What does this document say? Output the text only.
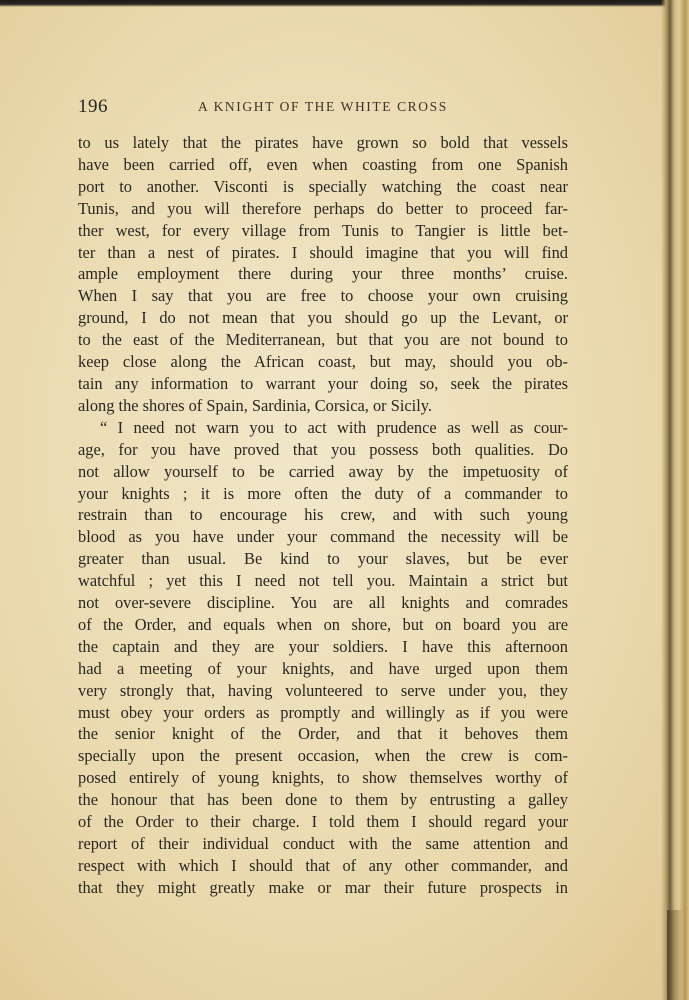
196	A KNIGHT OF THE WHITE CROSS
to us lately that the pirates have grown so bold that vessels
have been carried off, even when coasting from one Spanish
port to another. Visconti is specially watching the coast near
Tunis, and you will therefore perhaps do better to proceed far-
ther west, for every village from Tunis to Tangier is little bet-
ter than a nest of pirates. I should imagine that you will find
ample employment there during your three months’ cruise.
When I say that you are free to choose your own cruising
ground, I do not mean that you should go up the Levant, or
to the east of the Mediterranean, but that you are not bound to
keep close along the African coast, but may, should you ob-
tain any information to warrant your doing so, seek the pirates
along the shores of Spain, Sardinia, Corsica, or Sicily.
“ I need not warn you to act with prudence as well as cour-
age, for you have proved that you possess both qualities. Do
not allow yourself to be carried away by the impetuosity of
your knights ; it is more often the duty of a commander to
restrain than to encourage his crew, and with such young
blood as you have under your command the necessity will be
greater than usual. Be kind to your slaves, but be ever
watchful ; yet this I need not tell you. Maintain a strict but
not over-severe discipline. You are all knights and comrades
of the Order, and equals when on shore, but on board you are
the captain and they are your soldiers. I have this afternoon
had a meeting of your knights, and have urged upon them
very strongly that, having volunteered to serve under you, they
must obey your orders as promptly and willingly as if you were
the senior knight of the Order, and that it behoves them
specially upon the present occasion, when the crew is com-
posed entirely of young knights, to show themselves worthy of
the honour that has been done to them by entrusting a galley
of the Order to their charge. I told them I should regard your
report of their individual conduct with the same attention and
respect with which I should that of any other commander, and
that they might greatly make or mar their future prospects in
